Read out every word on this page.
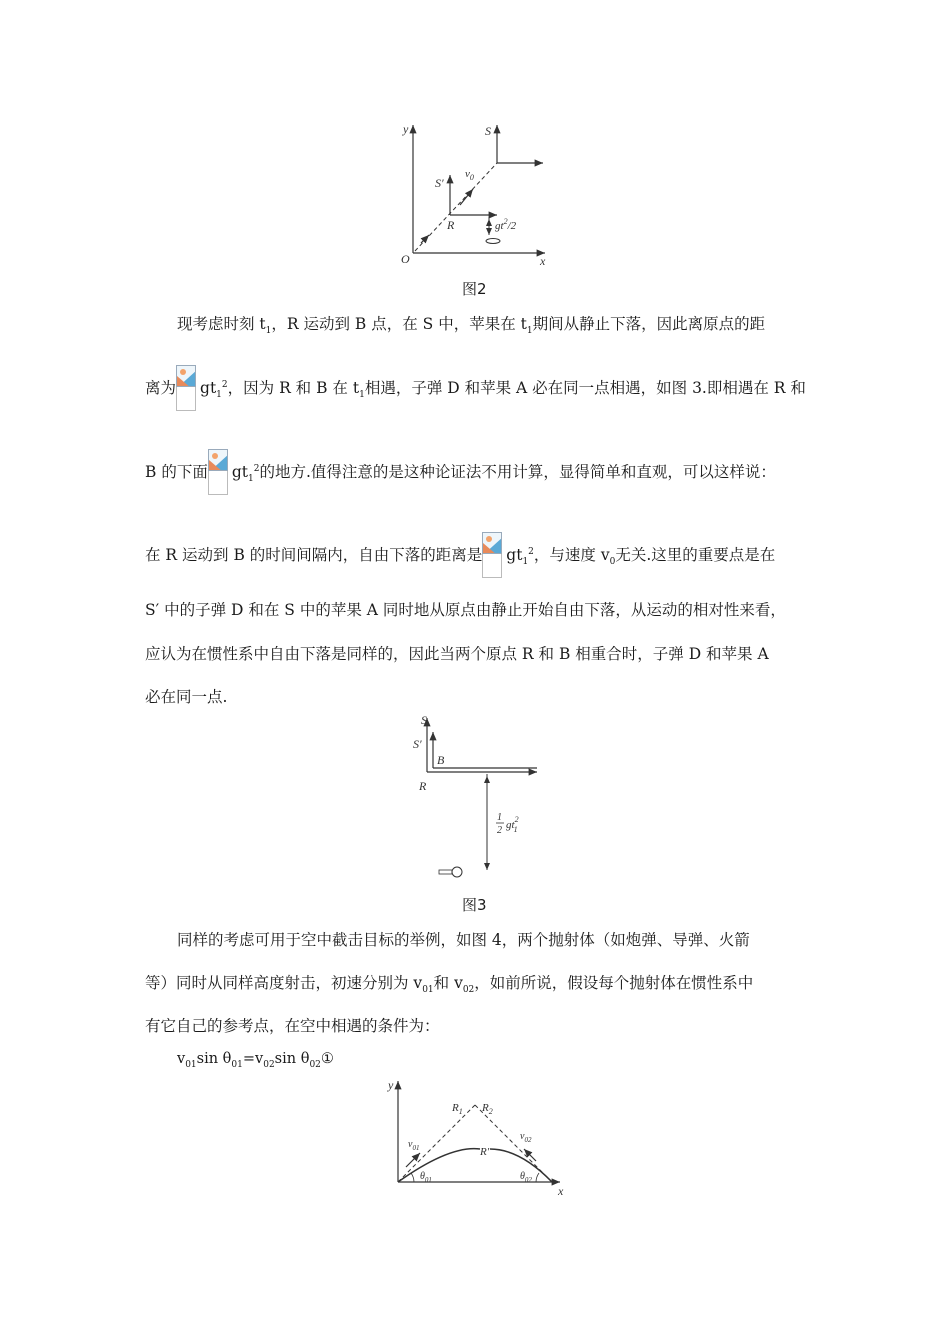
y
x
O
S
S′
$v_0$
R	$gt^2/2$
图2
现考虑时刻 $t_1$，R 运动到 B 点，在 S 中，苹果在 $t_1$期间从静止下落，因此离原点的距
离为 $gt_1^2$，因为 R 和 B 在 $t_1$相遇，子弹 D 和苹果 A 必在同一点相遇，如图 3.即相遇在 R 和
B 的下面 $gt_1^2$的地方.值得注意的是这种论证法不用计算，显得简单和直观，可以这样说：
在 R 运动到 B 的时间间隔内，自由下落的距离是 $gt_1^2$，与速度 $v_0$无关.这里的重要点是在
S′ 中的子弹 D 和在 S 中的苹果 A 同时地从原点由静止开始自由下落，从运动的相对性来看，
应认为在惯性系中自由下落是同样的，因此当两个原点 R 和 B 相重合时，子弹 D 和苹果 A
必在同一点.
S
S′
B
R
1
2 $gt^2$ 1
图3
同样的考虑可用于空中截击目标的举例，如图 4，两个抛射体（如炮弹、导弹、火箭
等）同时从同样高度射击，初速分别为 $v_{01}$和 $v_{02}$，如前所说，假设每个抛射体在惯性系中
有它自己的参考点，在空中相遇的条件为：
$v_{01}\sin$ $\theta_{01}=v_{02}\sin$ $\theta_{02}①$
y
x
$R_1$ $R_2$
R′
$v_{01}$
$v_{02}$
$\theta_{01}$	$\theta_{02}$
